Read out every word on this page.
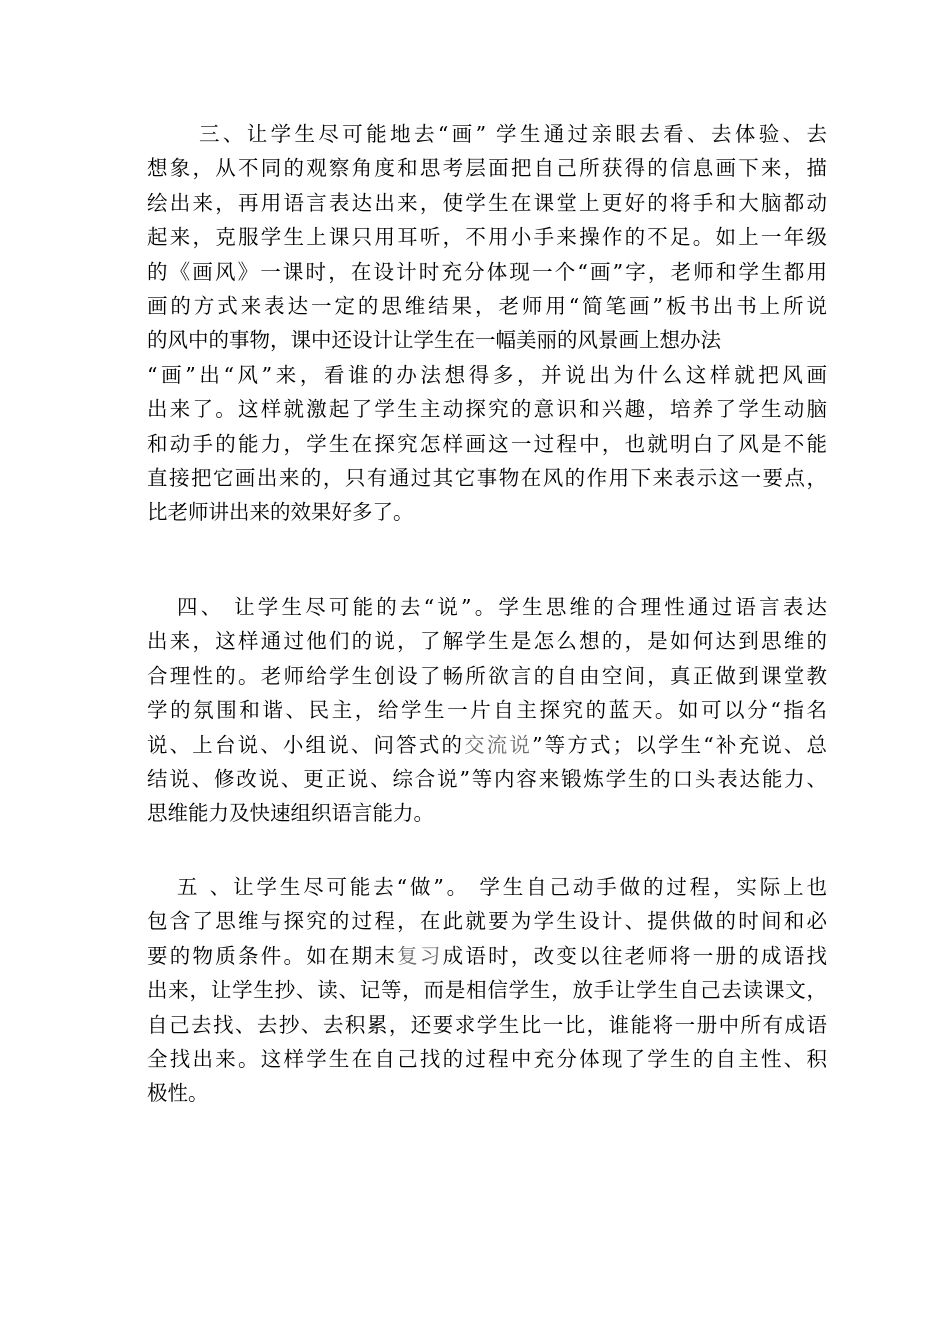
三、让学生尽可能地去“画” 学生通过亲眼去看、去体验、去
想象，从不同的观察角度和思考层面把自己所获得的信息画下来，描
绘出来，再用语言表达出来，使学生在课堂上更好的将手和大脑都动
起来，克服学生上课只用耳听，不用小手来操作的不足。如上一年级
的《画风》一课时，在设计时充分体现一个“画”字，老师和学生都用
画的方式来表达一定的思维结果，老师用“简笔画”板书出书上所说
的风中的事物，课中还设计让学生在一幅美丽的风景画上想办法
“画”出“风”来，看谁的办法想得多，并说出为什么这样就把风画
出来了。这样就激起了学生主动探究的意识和兴趣，培养了学生动脑
和动手的能力，学生在探究怎样画这一过程中，也就明白了风是不能
直接把它画出来的，只有通过其它事物在风的作用下来表示这一要点，
比老师讲出来的效果好多了。
四、 让学生尽可能的去“说”。学生思维的合理性通过语言表达
出来，这样通过他们的说，了解学生是怎么想的，是如何达到思维的
合理性的。老师给学生创设了畅所欲言的自由空间，真正做到课堂教
学的氛围和谐、民主，给学生一片自主探究的蓝天。如可以分“指名
说、上台说、小组说、问答式的交流说”等方式；以学生“补充说、总
结说、修改说、更正说、综合说”等内容来锻炼学生的口头表达能力、
思维能力及快速组织语言能力。
五 、让学生尽可能去“做”。 学生自己动手做的过程，实际上也
包含了思维与探究的过程，在此就要为学生设计、提供做的时间和必
要的物质条件。如在期末复习成语时，改变以往老师将一册的成语找
出来，让学生抄、读、记等，而是相信学生，放手让学生自己去读课文，
自己去找、去抄、去积累，还要求学生比一比，谁能将一册中所有成语
全找出来。这样学生在自己找的过程中充分体现了学生的自主性、积
极性。
